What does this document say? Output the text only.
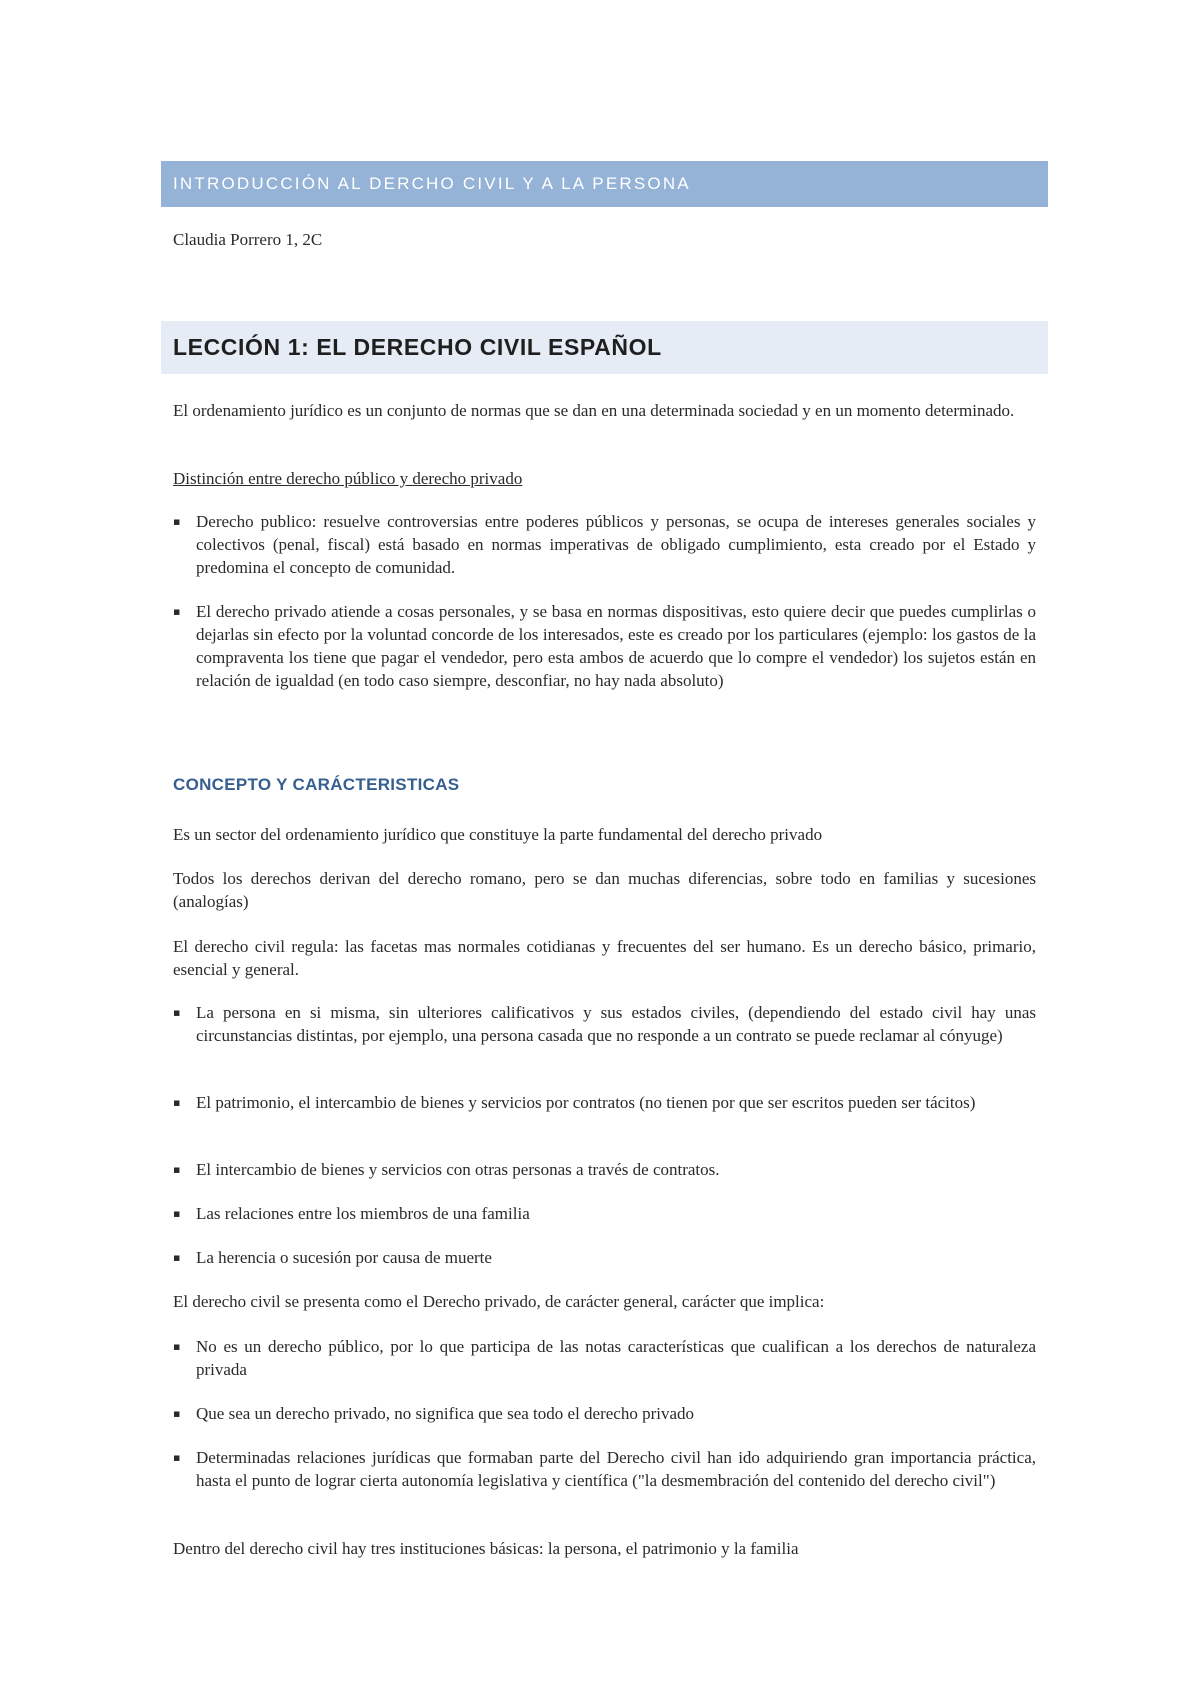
INTRODUCCIÓN AL DERCHO CIVIL Y A LA PERSONA
Claudia Porrero 1, 2C
LECCIÓN 1: EL DERECHO CIVIL ESPAÑOL
El ordenamiento jurídico es un conjunto de normas que se dan en una determinada sociedad y en un momento determinado.
Distinción entre derecho público y derecho privado
▪ Derecho publico: resuelve controversias entre poderes públicos y personas, se ocupa de intereses generales sociales y colectivos (penal, fiscal) está basado en normas imperativas de obligado cumplimiento, esta creado por el Estado y predomina el concepto de comunidad.
▪ El derecho privado atiende a cosas personales, y se basa en normas dispositivas, esto quiere decir que puedes cumplirlas o dejarlas sin efecto por la voluntad concorde de los interesados, este es creado por los particulares (ejemplo: los gastos de la compraventa los tiene que pagar el vendedor, pero esta ambos de acuerdo que lo compre el vendedor) los sujetos están en relación de igualdad (en todo caso siempre, desconfiar, no hay nada absoluto)
CONCEPTO Y CARÁCTERISTICAS
Es un sector del ordenamiento jurídico que constituye la parte fundamental del derecho privado
Todos los derechos derivan del derecho romano, pero se dan muchas diferencias, sobre todo en familias y sucesiones (analogías)
El derecho civil regula: las facetas mas normales cotidianas y frecuentes del ser humano. Es un derecho básico, primario, esencial y general.
▪ La persona en si misma, sin ulteriores calificativos y sus estados civiles, (dependiendo del estado civil hay unas circunstancias distintas, por ejemplo, una persona casada que no responde a un contrato se puede reclamar al cónyuge)
▪ El patrimonio, el intercambio de bienes y servicios por contratos (no tienen por que ser escritos pueden ser tácitos)
▪ El intercambio de bienes y servicios con otras personas a través de contratos.
▪ Las relaciones entre los miembros de una familia
▪ La herencia o sucesión por causa de muerte
El derecho civil se presenta como el Derecho privado, de carácter general, carácter que implica:
▪ No es un derecho público, por lo que participa de las notas características que cualifican a los derechos de naturaleza privada
▪ Que sea un derecho privado, no significa que sea todo el derecho privado
▪ Determinadas relaciones jurídicas que formaban parte del Derecho civil han ido adquiriendo gran importancia práctica, hasta el punto de lograr cierta autonomía legislativa y científica ("la desmembración del contenido del derecho civil")
Dentro del derecho civil hay tres instituciones básicas: la persona, el patrimonio y la familia
